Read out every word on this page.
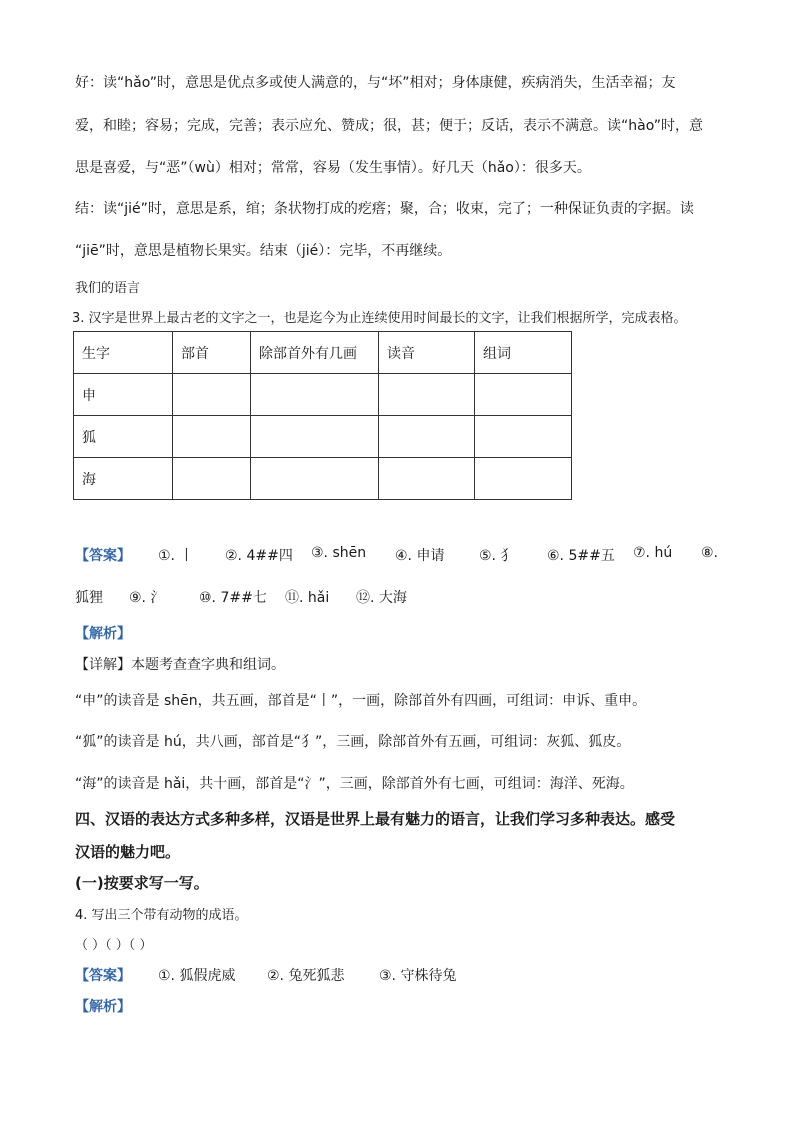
好：读“hǎo”时，意思是优点多或使人满意的，与“坏”相对；身体康健，疾病消失，生活幸福；友
爱，和睦；容易；完成，完善；表示应允、赞成；很，甚；便于；反话，表示不满意。读“hào”时，意
思是喜爱，与“恶”（wù）相对；常常，容易（发生事情）。好几天（hǎo）：很多天。
结：读“jié”时，意思是系，绾；条状物打成的疙瘩；聚，合；收束，完了；一种保证负责的字据。读
“jiē”时，意思是植物长果实。结束（jié）：完毕，不再继续。
我们的语言
3. 汉字是世界上最古老的文字之一，也是迄今为止连续使用时间最长的文字，让我们根据所学，完成表格。
生字	部首	除部首外有几画	读音	组词
申				
狐				
海				
【答案】 ①. 丨 ②. 4##四 ③. shēn ④. 申请 ⑤. 犭 ⑥. 5##五 ⑦. hú ⑧.
狐狸 ⑨. 氵 ⑩. 7##七 ⑪. hǎi ⑫. 大海
【解析】
【详解】本题考查查字典和组词。
“申”的读音是 shēn，共五画，部首是“丨”，一画，除部首外有四画，可组词：申诉、重申。
“狐”的读音是 hú，共八画，部首是“犭”，三画，除部首外有五画，可组词：灰狐、狐皮。
“海”的读音是 hǎi，共十画，部首是“氵”，三画，除部首外有七画，可组词：海洋、死海。
四、汉语的表达方式多种多样，汉语是世界上最有魅力的语言，让我们学习多种表达。感受
汉语的魅力吧。
(一)按要求写一写。
4. 写出三个带有动物的成语。
（ ）（ ）（ ）
【答案】 ①. 狐假虎威 ②. 兔死狐悲 ③. 守株待兔
【解析】
